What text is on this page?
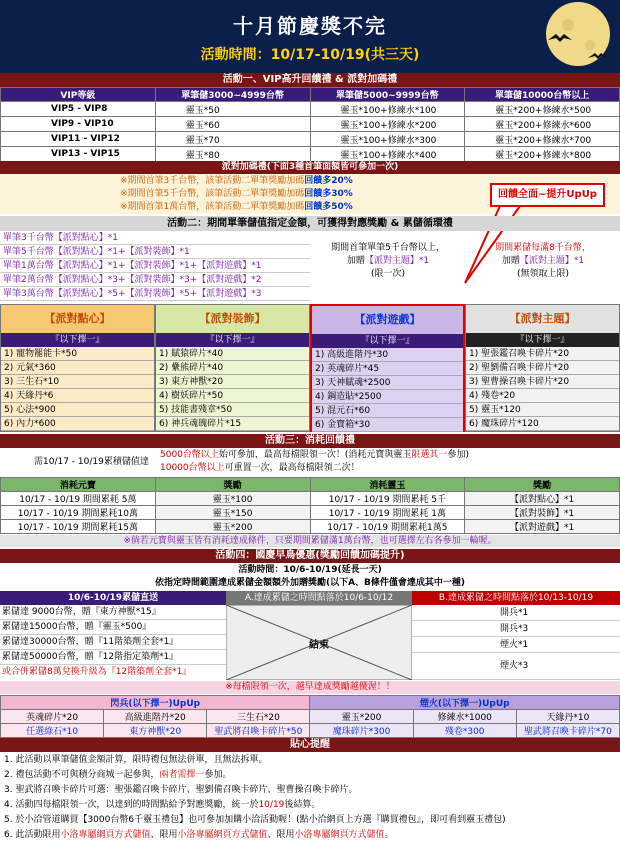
十月節慶獎不完
活動時間：10/17-10/19(共三天)
活動一、VIP高升回饋禮 & 派對加碼禮
VIP等級	單筆儲3000~4999台幣	單筆儲5000~9999台幣	單筆儲10000台幣以上
VIP5 - VIP8	靈玉*50	靈玉*100+修練水*100	靈玉*200+修練水*500
VIP9 - VIP10	靈玉*60	靈玉*100+修練水*200	靈玉*200+修練水*600
VIP11 - VIP12	靈玉*70	靈玉*100+修練水*300	靈玉*200+修練水*700
VIP13 - VIP15	靈玉*80	靈玉*100+修練水*400	靈玉*200+修練水*800
派對加碼禮(下面3種首筆面額皆可參加一次)
※期間首筆3千台幣，該筆活動二單筆獎勵加碼回饋多20%
※期間首筆5千台幣，該筆活動二單筆獎勵加碼回饋多30%
※期間首筆1萬台幣，該筆活動二單筆獎勵加碼回饋多50%
回饋全面~提升UpUp
活動二：期間單筆儲值指定金額，可獲得對應獎勵 & 累儲循環禮
單筆3千台幣【派對點心】*1
單筆5千台幣【派對點心】*1+【派對裝飾】*1
單筆1萬台幣【派對點心】*1+【派對裝飾】*1+【派對遊戲】*1
單筆2萬台幣【派對點心】*3+【派對裝飾】*3+【派對遊戲】*2
單筆3萬台幣【派對點心】*5+【派對裝飾】*5+【派對遊戲】*3
期間首筆單筆5千台幣以上，
加贈【派對主題】*1
(限一次)
期間累儲每滿8千台幣，
加贈【派對主題】*1
(無領取上限)
【派對點心】
『以下擇一』
1) 寵物罷能卡*50
2) 元氣*360
3) 三生石*10
4) 天緣丹*6
5) 心法*900
6) 內力*600
【派對裝飾】
『以下擇一』
1) 賦猿碎片*40
2) 纍熊碎片*40
3) 東方神獸*20
4) 樹妖碎片*50
5) 技能書殘章*50
6) 神兵魂魄碎片*15
【派對遊戲】
『以下擇一』
1) 高級進階丹*30
2) 英魂碎片*45
3) 天神賦魂*2500
4) 鋼造貼*2500
5) 混元石*60
6) 金寶箱*30
【派對主題】
『以下擇一』
1) 聖張鑑召喚卡碎片*20
2) 聖劉備召喚卡碎片*20
3) 聖曹操召喚卡碎片*20
4) 殘卷*20
5) 靈玉*120
6) 魔珠碎片*120
活動三：消耗回饋禮
需10/17 - 10/19累積儲值達
5000台幣以上始可參加，最高每檔限領一次！(消耗元寶與靈玉限選其一參加)
10000台幣以上可重置一次，最高每檔限領二次！
消耗元寶	獎勵	消耗靈玉	獎勵
10/17 - 10/19 期間累耗 5萬	靈玉*100	10/17 - 10/19 期間累耗 5千	【派對點心】*1
10/17 - 10/19 期間累耗10萬	靈玉*150	10/17 - 10/19 期間累耗 1萬	【派對裝飾】*1
10/17 - 10/19 期間累耗15萬	靈玉*200	10/17 - 10/19 期間累耗1萬5	【派對遊戲】*1
※倘若元寶與靈玉皆有消耗達成條件，只要期間累儲滿1萬台幣，也可選擇左右各參加一輪喔。
活動四：國慶早鳥優惠(獎勵回饋加碼提升)
活動時間：10/6-10/19(延長一天)
依指定時間範圍達成累儲金額額外加贈獎勵(以下A、B條件僅會達成其中一種)
10/6-10/19累儲直送
累儲達 9000台幣，贈『東方神獸*15』
累儲達15000台幣，贈『靈玉*500』
累儲達30000台幣，贈『11階築劑全套*1』
累儲達50000台幣，贈『12階指定築劑*1』
或合併累儲8萬兌換升級為『12階築劑全套*1』
A.達成累儲之時間點落於10/6-10/12
結束
B.達成累儲之時間點落於10/13-10/19
開兵*1
開兵*3
煙火*1
煙火*3
※每檔限領一次，越早達成獎勵越優渥！！
閃兵(以下擇一)UpUp			煙火(以下擇一)UpUp		
英魂碎片*20	高級進階丹*20	三生石*20	靈玉*200	修練水*1000	天緣丹*10
任選綠石*10	東方神獸*20	聖武將召喚卡碎片*50	魔珠碎片*300	殘卷*300	聖武將召喚卡碎片*70
貼心提醒
1. 此活動以單筆儲值金額計算，限時禮包無法併單，且無法拆單。
2. 禮包活動不可與積分商城一起參與，兩者需擇一參加。
3. 聖武將召喚卡碎片可選：聖張鑑召喚卡碎片、聖劉備召喚卡碎片、聖曹操召喚卡碎片。
4. 活動四每檔限領一次，以達到的時間點給予對應獎勵，統一於10/19後結算。
5. 於小洽管道購買【3000台幣6千靈玉禮包】也可參加加購小洽活動喔！(點小洽網頁上方選『購買禮包』，即可看到靈玉禮包)
6. 此活動限用小洛專屬網頁方式儲值、限用小洛專屬網頁方式儲值、限用小洛專屬網頁方式儲值。
